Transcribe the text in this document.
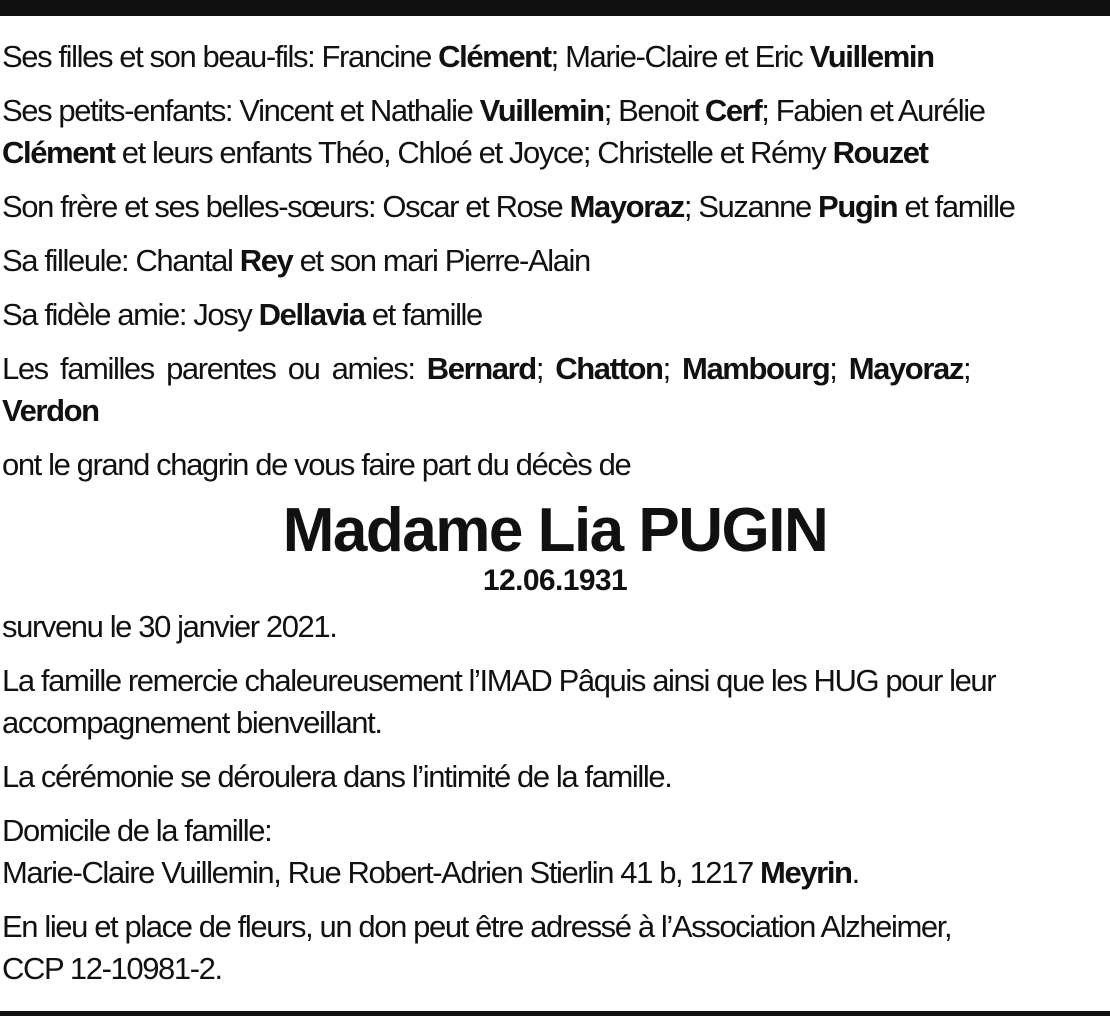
Ses filles et son beau-fils: Francine Clément; Marie-Claire et Eric Vuillemin

Ses petits-enfants: Vincent et Nathalie Vuillemin; Benoit Cerf; Fabien et Aurélie
Clément et leurs enfants Théo, Chloé et Joyce; Christelle et Rémy Rouzet

Son frère et ses belles-sœurs: Oscar et Rose Mayoraz; Suzanne Pugin et famille

Sa filleule: Chantal Rey et son mari Pierre-Alain

Sa fidèle amie: Josy Dellavia et famille

Les familles parentes ou amies: Bernard; Chatton; Mambourg; Mayoraz;
Verdon

ont le grand chagrin de vous faire part du décès de

Madame Lia PUGIN
12.06.1931

survenu le 30 janvier 2021.

La famille remercie chaleureusement l’IMAD Pâquis ainsi que les HUG pour leur accompagnement bienveillant.

La cérémonie se déroulera dans l’intimité de la famille.

Domicile de la famille:
Marie-Claire Vuillemin, Rue Robert-Adrien Stierlin 41 b, 1217 Meyrin.

En lieu et place de fleurs, un don peut être adressé à l’Association Alzheimer,
CCP 12-10981-2.
